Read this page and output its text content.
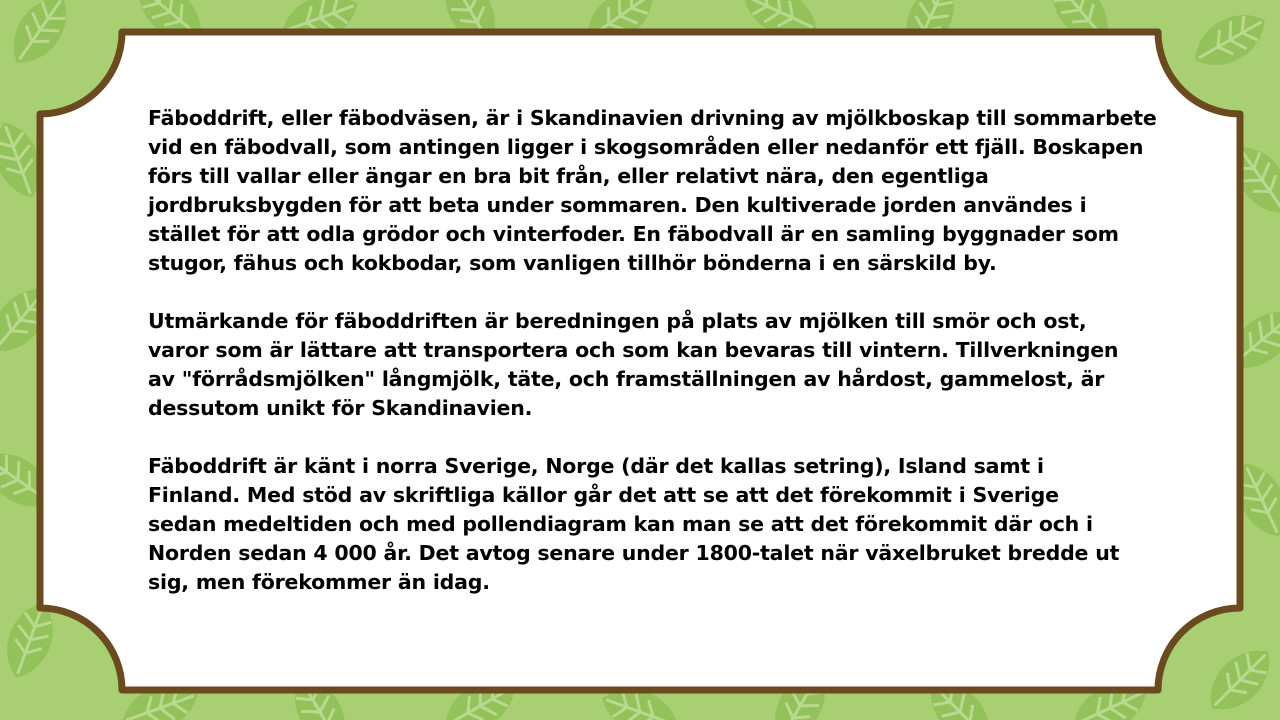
Fäboddrift, eller fäbodväsen, är i Skandinavien drivning av mjölkboskap till sommarbete
vid en fäbodvall, som antingen ligger i skogsområden eller nedanför ett fjäll. Boskapen
förs till vallar eller ängar en bra bit från, eller relativt nära, den egentliga
jordbruksbygden för att beta under sommaren. Den kultiverade jorden användes i
stället för att odla grödor och vinterfoder. En fäbodvall är en samling byggnader som
stugor, fähus och kokbodar, som vanligen tillhör bönderna i en särskild by.

Utmärkande för fäboddriften är beredningen på plats av mjölken till smör och ost,
varor som är lättare att transportera och som kan bevaras till vintern. Tillverkningen
av "förrådsmjölken" långmjölk, täte, och framställningen av hårdost, gammelost, är
dessutom unikt för Skandinavien.

Fäboddrift är känt i norra Sverige, Norge (där det kallas setring), Island samt i
Finland. Med stöd av skriftliga källor går det att se att det förekommit i Sverige
sedan medeltiden och med pollendiagram kan man se att det förekommit där och i
Norden sedan 4 000 år. Det avtog senare under 1800-talet när växelbruket bredde ut
sig, men förekommer än idag.
